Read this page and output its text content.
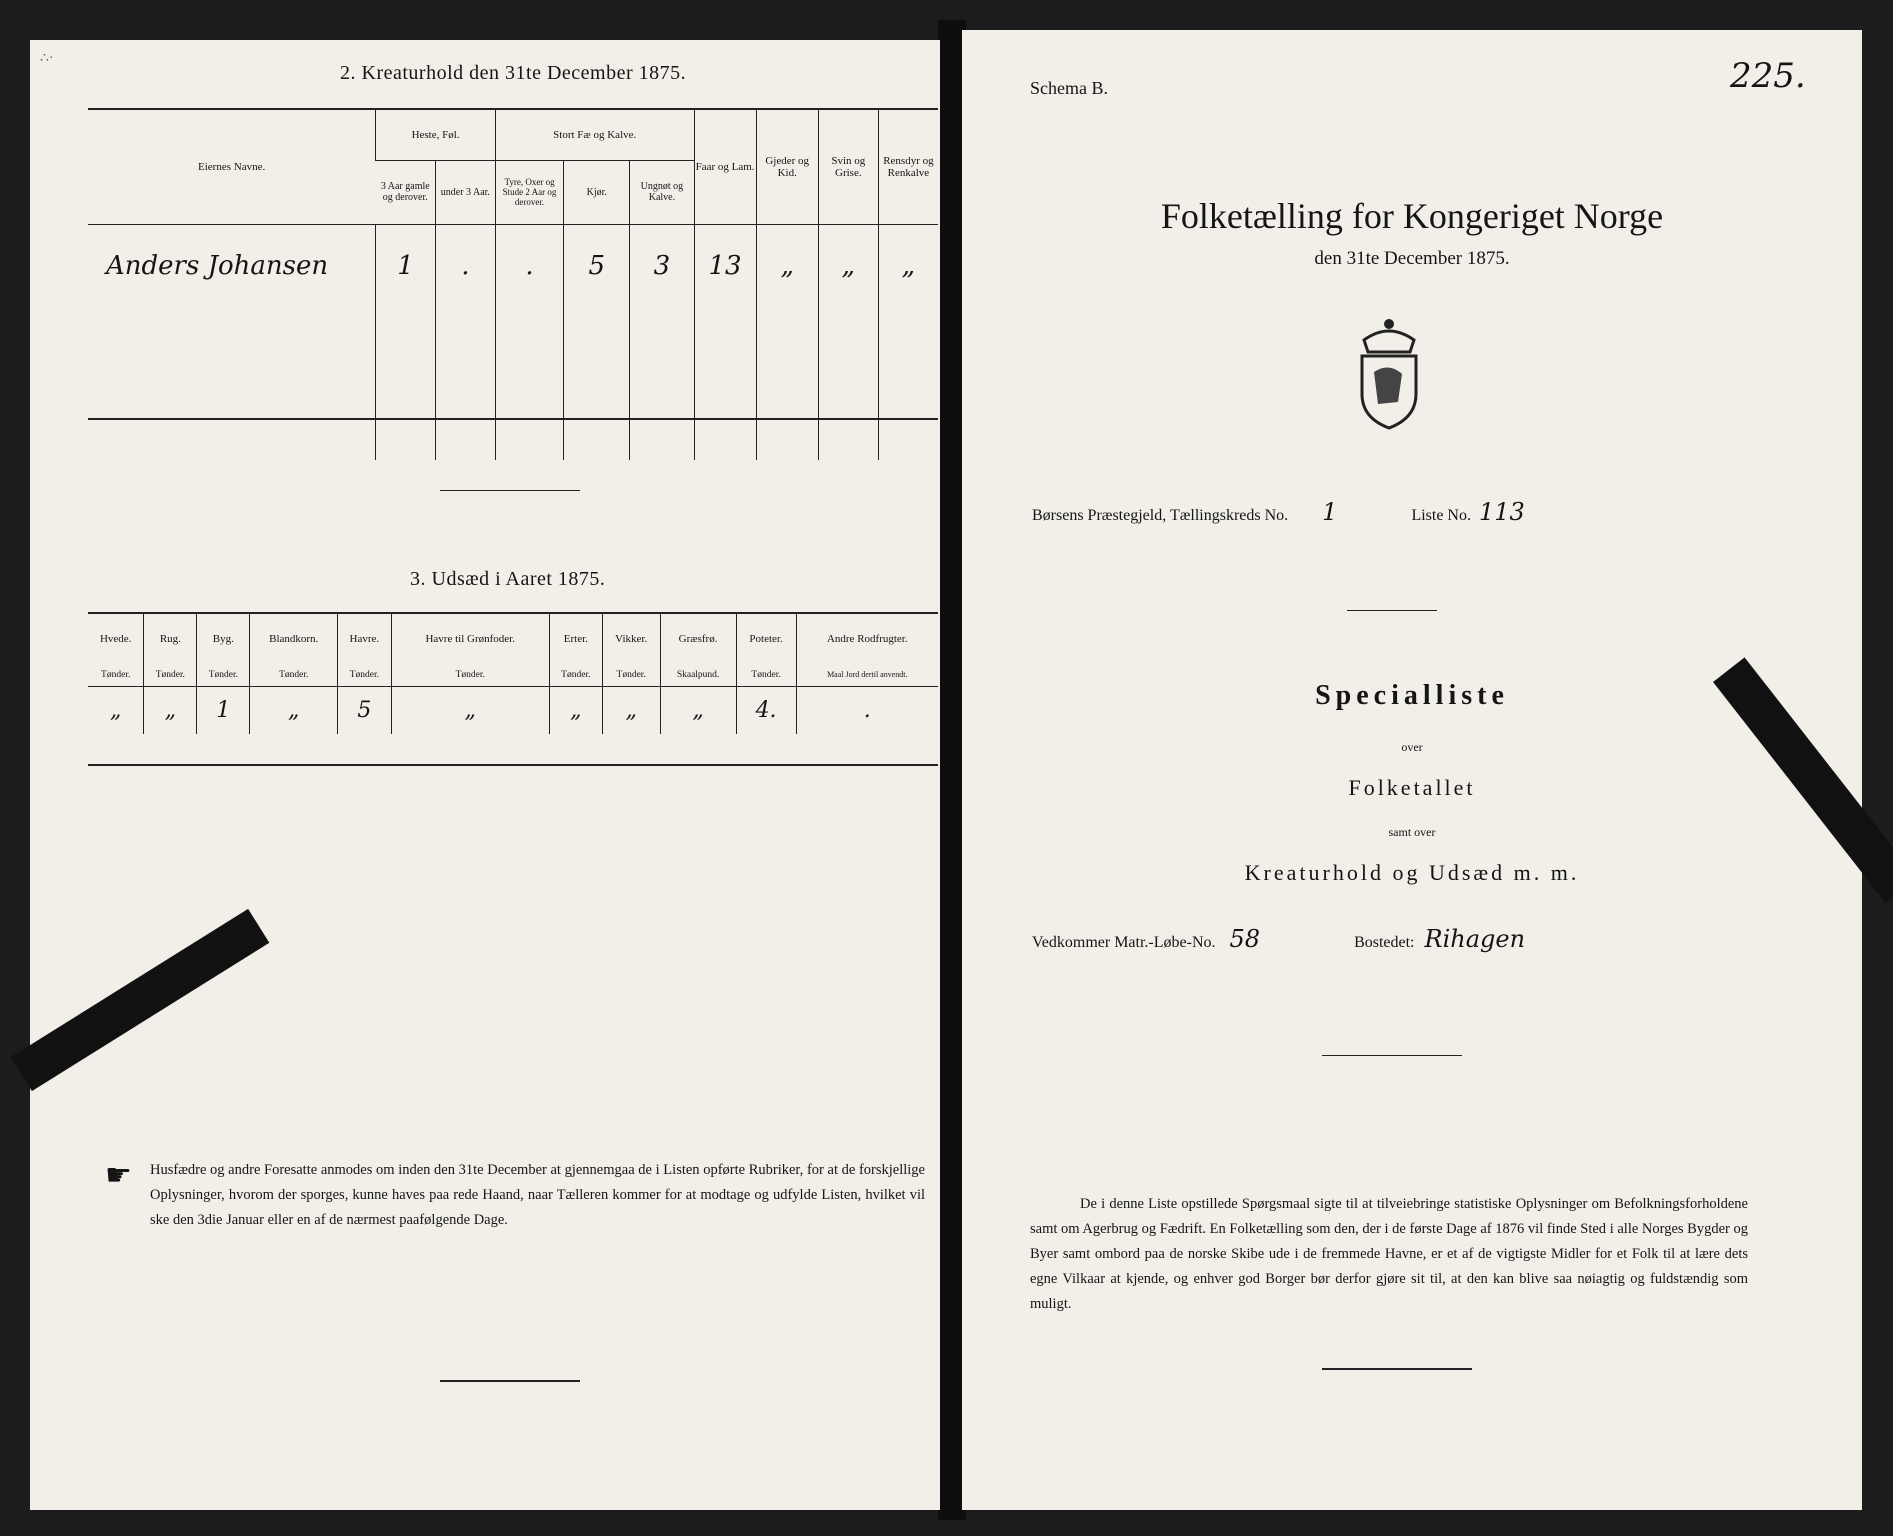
∴·
2. Kreaturhold den 31te December 1875.
Eiernes Navne.	Heste, Føl.		Stort Fæ og Kalve.			Faar og Lam.	Gjeder og Kid.	Svin og Grise.	Rensdyr og Renkalve
	3 Aar gamle og derover.	under 3 Aar.	Tyre, Oxer og Stude 2 Aar og derover.	Kjør.	Ungnøt og Kalve.				
Anders Johansen	1	.	.	5	3	13	„	„	„

3. Udsæd i Aaret 1875.
Hvede.	Rug.	Byg.	Blandkorn.	Havre.	Havre til Grønfoder.	Erter.	Vikker.	Græsfrø.	Poteter.	Andre Rodfrugter.
Tønder.	Tønder.	Tønder.	Tønder.	Tønder.	Tønder.	Tønder.	Tønder.	Skaalpund.	Tønder.	Maal Jord dertil anvendt.
„	„	1	„	5	„	„	„	„	4.	.
☛ Husfædre og andre Foresatte anmodes om inden den 31te December at gjennemgaa de i Listen opførte Rubriker, for at de forskjellige Oplysninger, hvorom der sporges, kunne haves paa rede Haand, naar Tælleren kommer for at modtage og udfylde Listen, hvilket vil ske den 3die Januar eller en af de nærmest paafølgende Dage.
Schema B.	225.
Folketælling for Kongeriget Norge
den 31te December 1875.
Børsens Præstegjeld, Tællingskreds No. 1	Liste No. 113
Specialliste
over
Folketallet
samt over
Kreaturhold og Udsæd m. m.
Vedkommer Matr.-Løbe-No. 58	Bostedet: Rihagen
De i denne Liste opstillede Spørgsmaal sigte til at tilveiebringe statistiske Oplysninger om Befolkningsforholdene samt om Agerbrug og Fædrift. En Folketælling som den, der i de første Dage af 1876 vil finde Sted i alle Norges Bygder og Byer samt ombord paa de norske Skibe ude i de fremmede Havne, er et af de vigtigste Midler for et Folk til at lære dets egne Vilkaar at kjende, og enhver god Borger bør derfor gjøre sit til, at den kan blive saa nøiagtig og fuldstændig som muligt.
